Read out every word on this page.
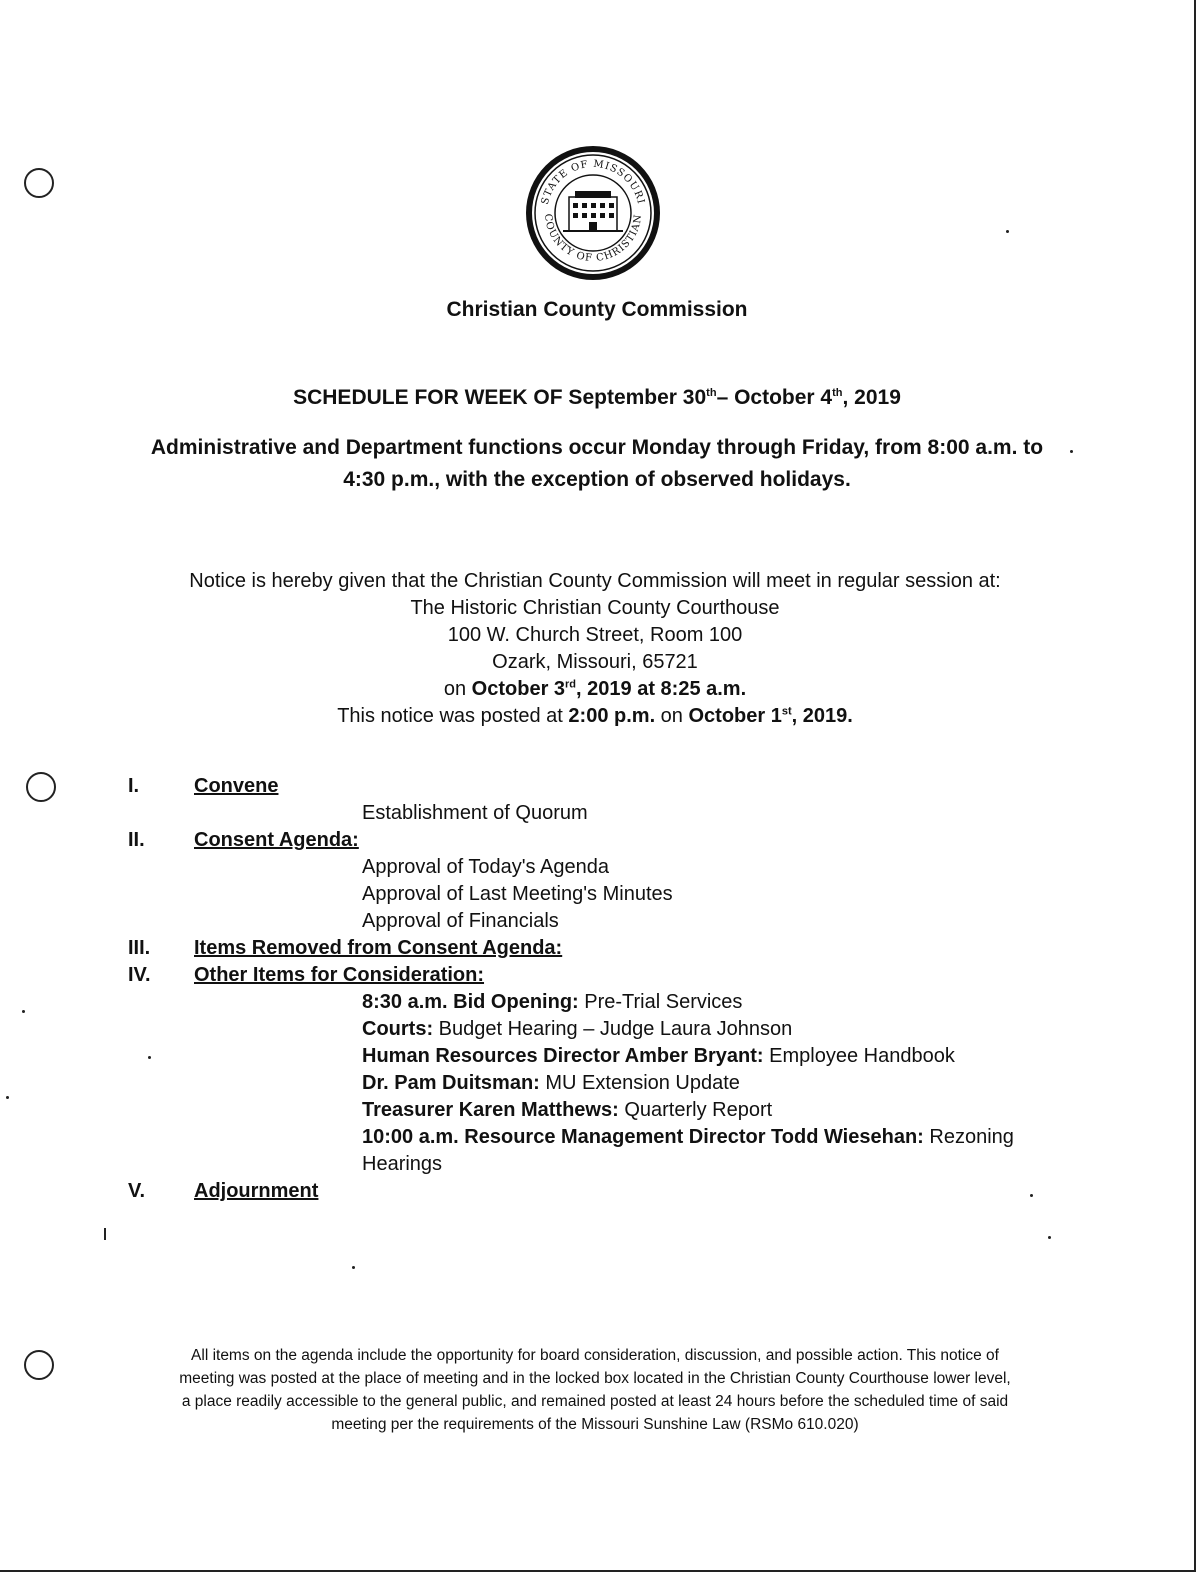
STATE OF MISSOURI
COUNTY OF CHRISTIAN
Christian County Commission
SCHEDULE FOR WEEK OF September 30th– October 4th, 2019
Administrative and Department functions occur Monday through Friday, from 8:00 a.m. to
4:30 p.m., with the exception of observed holidays.
Notice is hereby given that the Christian County Commission will meet in regular session at:
The Historic Christian County Courthouse
100 W. Church Street, Room 100
Ozark, Missouri, 65721
on October 3rd, 2019 at 8:25 a.m.
This notice was posted at 2:00 p.m. on October 1st, 2019.
I.	Convene
Establishment of Quorum
II. Consent Agenda:
Approval of Today's Agenda
Approval of Last Meeting's Minutes
Approval of Financials
III. Items Removed from Consent Agenda:
IV. Other Items for Consideration:
8:30 a.m. Bid Opening: Pre-Trial Services
Courts: Budget Hearing – Judge Laura Johnson
Human Resources Director Amber Bryant: Employee Handbook
Dr. Pam Duitsman: MU Extension Update
Treasurer Karen Matthews: Quarterly Report
10:00 a.m. Resource Management Director Todd Wiesehan: Rezoning
Hearings
V. Adjournment
All items on the agenda include the opportunity for board consideration, discussion, and possible action. This notice of
meeting was posted at the place of meeting and in the locked box located in the Christian County Courthouse lower level,
a place readily accessible to the general public, and remained posted at least 24 hours before the scheduled time of said
meeting per the requirements of the Missouri Sunshine Law (RSMo 610.020)
